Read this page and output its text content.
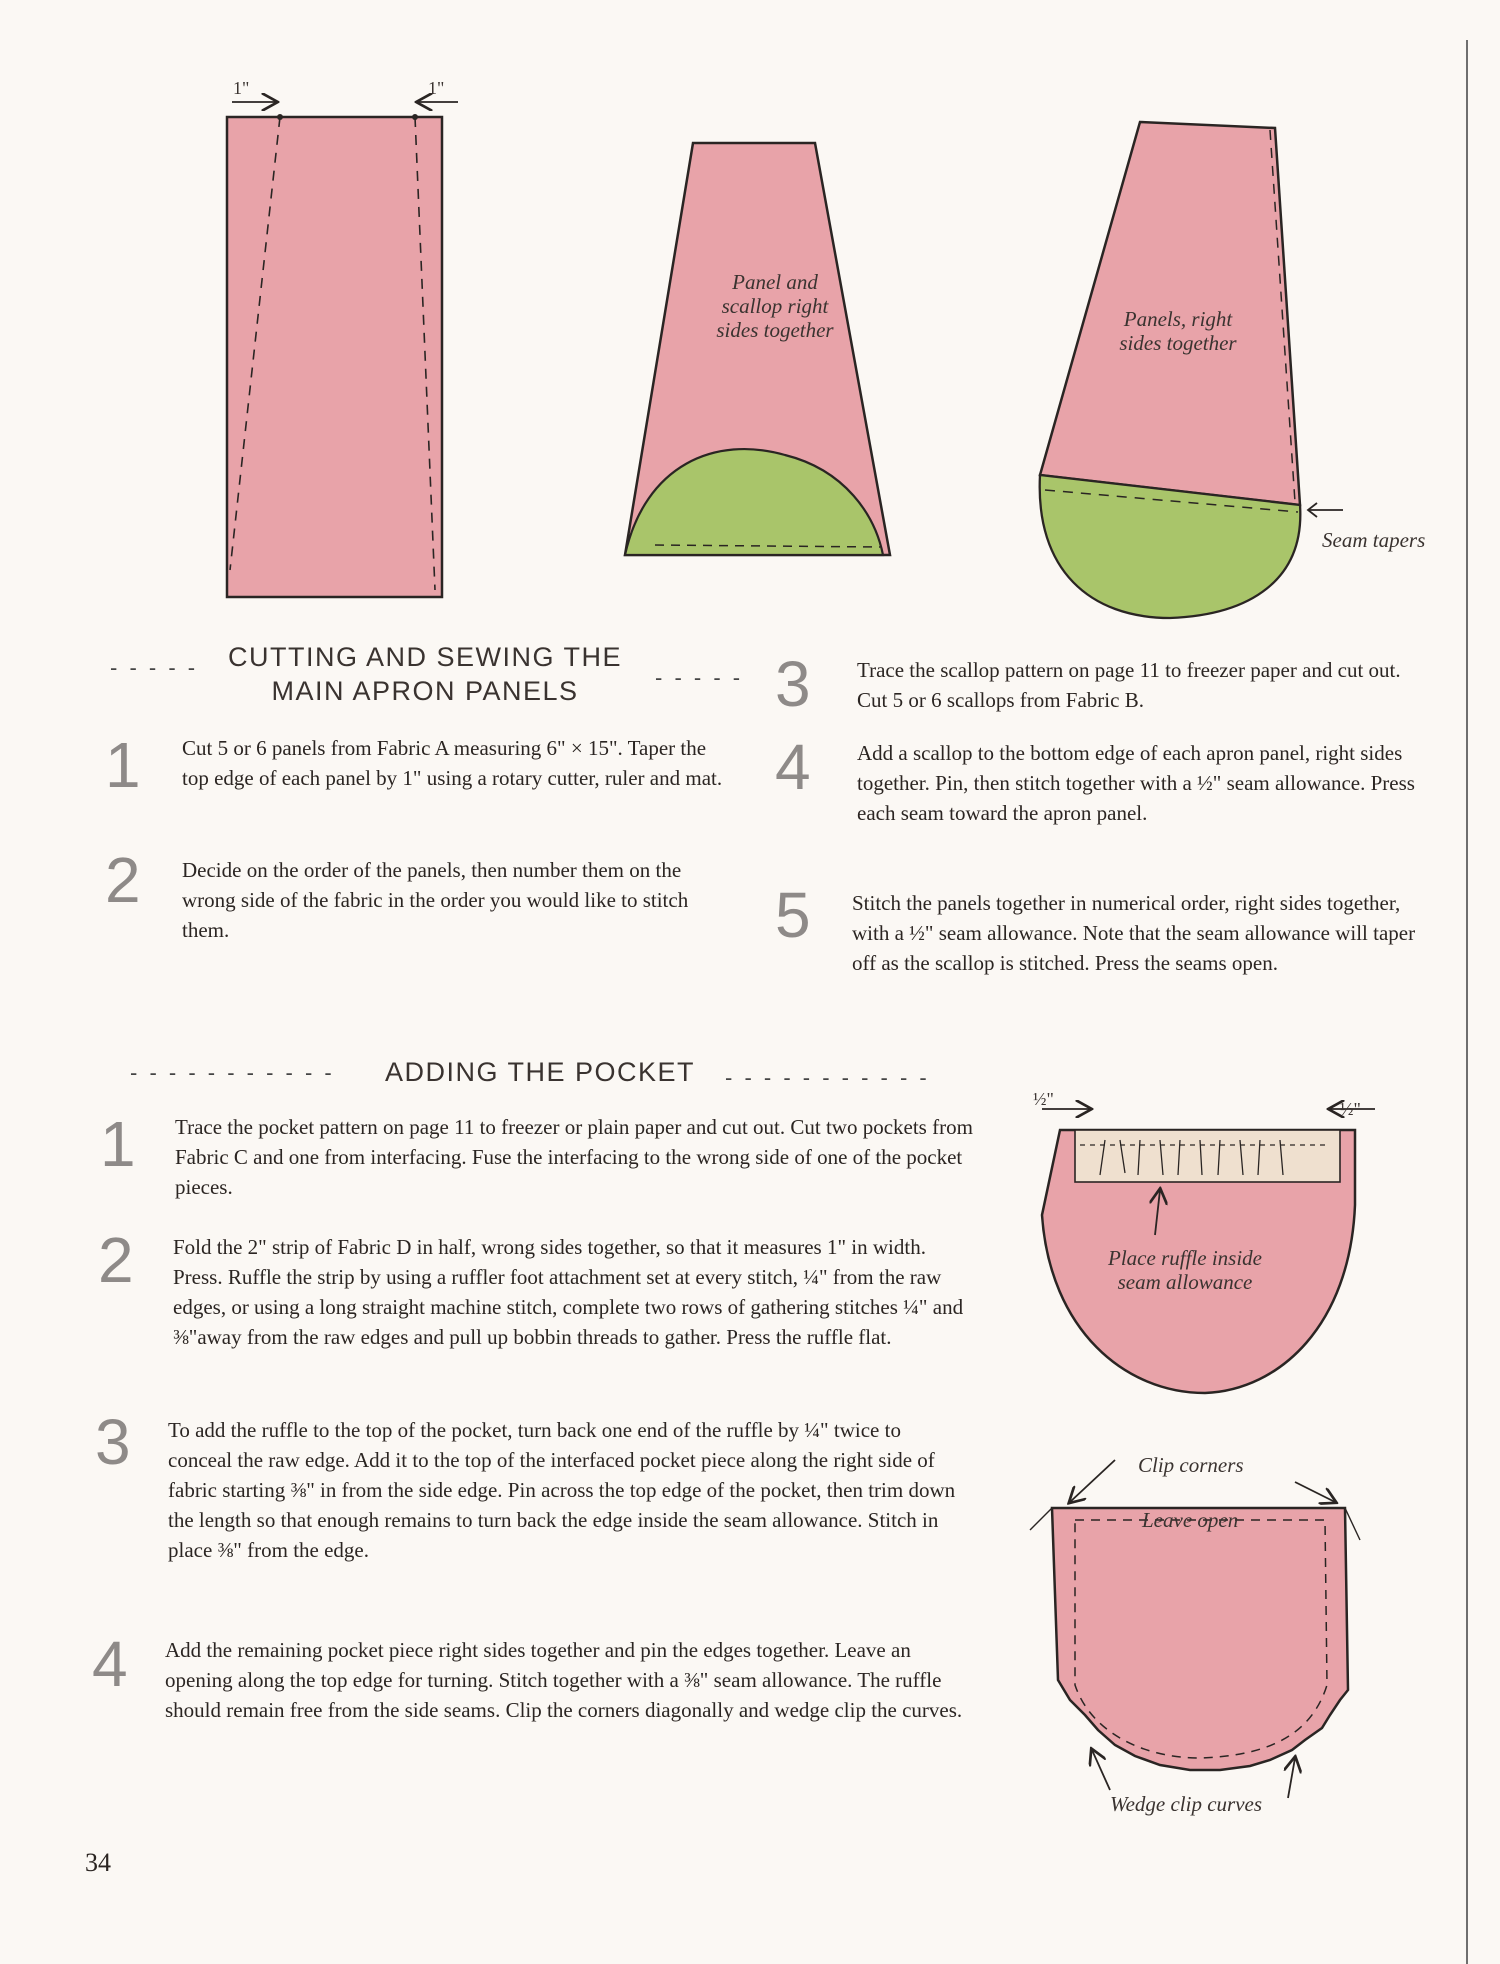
1"	1"
Panel and scallop right sides together	Panels, right sides together
Seam tapers
- - - - -	CUTTING AND SEWING THE
MAIN APRON PANELS	- - - - -
1 Cut 5 or 6 panels from Fabric A measuring 6" × 15". Taper the top edge of each panel by 1" using a rotary cutter, ruler and mat.
2 Decide on the order of the panels, then number them on the wrong side of the fabric in the order you would like to stitch them.
3 Trace the scallop pattern on page 11 to freezer paper and cut out. Cut 5 or 6 scallops from Fabric B.
4 Add a scallop to the bottom edge of each apron panel, right sides together. Pin, then stitch together with a ½" seam allowance. Press each seam toward the apron panel.
5 Stitch the panels together in numerical order, right sides together, with a ½" seam allowance. Note that the seam allowance will taper off as the scallop is stitched. Press the seams open.
- - - - - - - - - - -	ADDING THE POCKET	- - - - - - - - - - -
1 Trace the pocket pattern on page 11 to freezer or plain paper and cut out. Cut two pockets from Fabric C and one from interfacing. Fuse the interfacing to the wrong side of one of the pocket pieces.
2 Fold the 2" strip of Fabric D in half, wrong sides together, so that it measures 1" in width. Press. Ruffle the strip by using a ruffler foot attachment set at every stitch, ¼" from the raw edges, or using a long straight machine stitch, complete two rows of gathering stitches ¼" and ⅜"away from the raw edges and pull up bobbin threads to gather. Press the ruffle flat.
3 To add the ruffle to the top of the pocket, turn back one end of the ruffle by ¼" twice to conceal the raw edge. Add it to the top of the interfaced pocket piece along the right side of fabric starting ⅜" in from the side edge. Pin across the top edge of the pocket, then trim down the length so that enough remains to turn back the edge inside the seam allowance. Stitch in place ⅜" from the edge.
4 Add the remaining pocket piece right sides together and pin the edges together. Leave an opening along the top edge for turning. Stitch together with a ⅜" seam allowance. The ruffle should remain free from the side seams. Clip the corners diagonally and wedge clip the curves.
½"	½"
Place ruffle inside seam allowance
Clip corners
Leave open
Wedge clip curves
34
